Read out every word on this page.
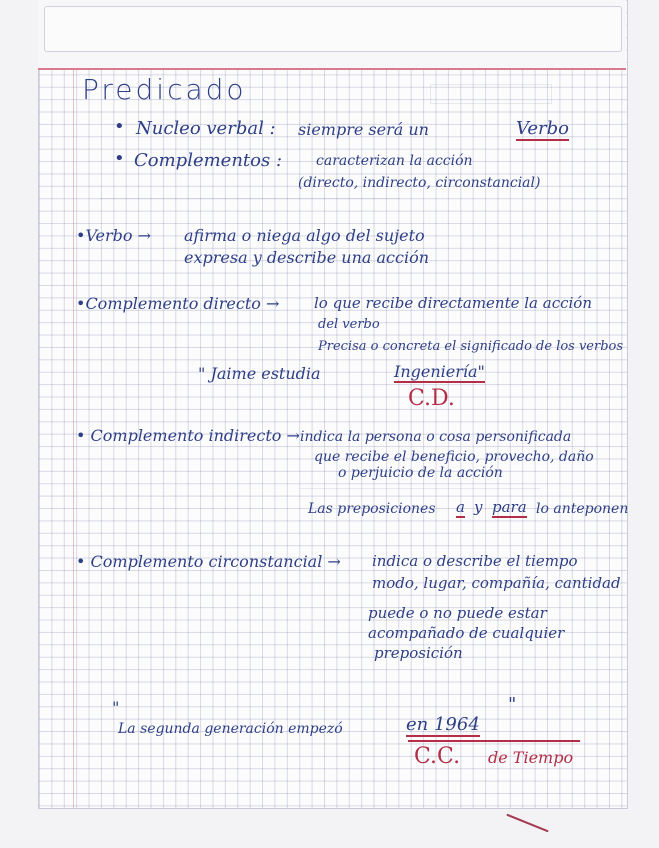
Predicado
• Nucleo verbal : siempre será un	Verbo
• Complementos : caracterizan la acción
(directo, indirecto, circonstancial)
•Verbo → afirma o niega algo del sujeto
expresa y describe una acción
•Complemento directo → lo que recibe directamente la acción
del verbo
Precisa o concreta el significado de los verbos
" Jaime estudia	Ingeniería"
C.D.
• Complemento indirecto → indica la persona o cosa personificada
que recibe el beneficio, provecho, daño
o perjuicio de la acción
Las preposiciones a y para lo anteponen
• Complemento circonstancial → indica o describe el tiempo
modo, lugar, compañía, cantidad
puede o no puede estar
acompañado de cualquier
preposición
"
La segunda generación empezó	en 1964
"
C.C. de Tiempo
